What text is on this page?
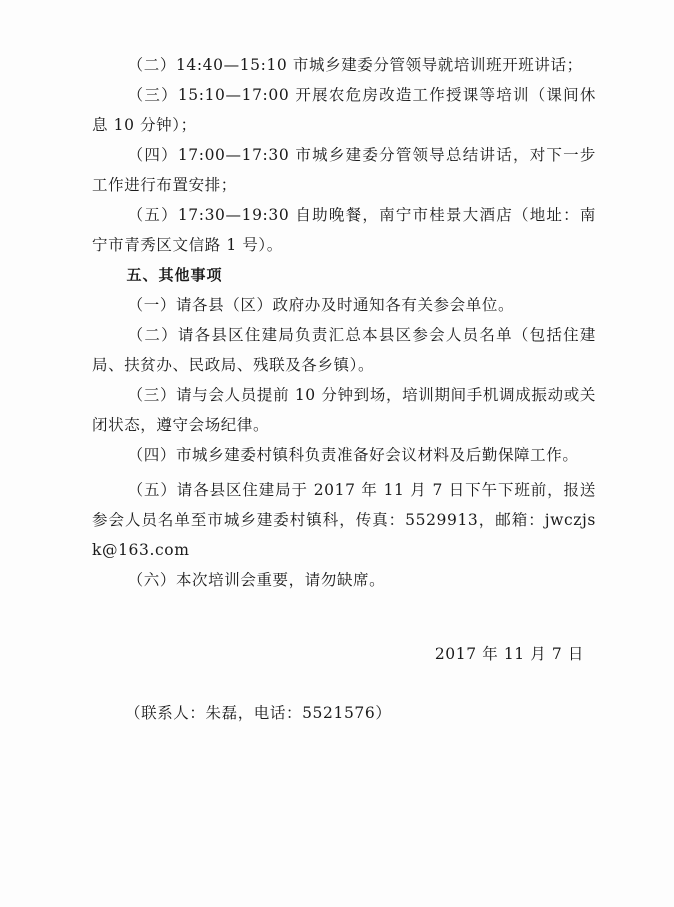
（二）14:40—15:10 市城乡建委分管领导就培训班开班讲话；

（三）15:10—17:00 开展农危房改造工作授课等培训（课间休息 10 分钟）；

（四）17:00—17:30 市城乡建委分管领导总结讲话，对下一步工作进行布置安排；

（五）17:30—19:30 自助晚餐，南宁市桂景大酒店（地址：南宁市青秀区文信路 1 号）。

五、其他事项

（一）请各县（区）政府办及时通知各有关参会单位。

（二）请各县区住建局负责汇总本县区参会人员名单（包括住建局、扶贫办、民政局、残联及各乡镇）。

（三）请与会人员提前 10 分钟到场，培训期间手机调成振动或关闭状态，遵守会场纪律。

（四）市城乡建委村镇科负责准备好会议材料及后勤保障工作。

（五）请各县区住建局于 2017 年 11 月 7 日下午下班前，报送参会人员名单至市城乡建委村镇科，传真：5529913，邮箱：jwczjsk@163.com

（六）本次培训会重要，请勿缺席。

2017 年 11 月 7 日
（联系人：朱磊，电话：5521576）
